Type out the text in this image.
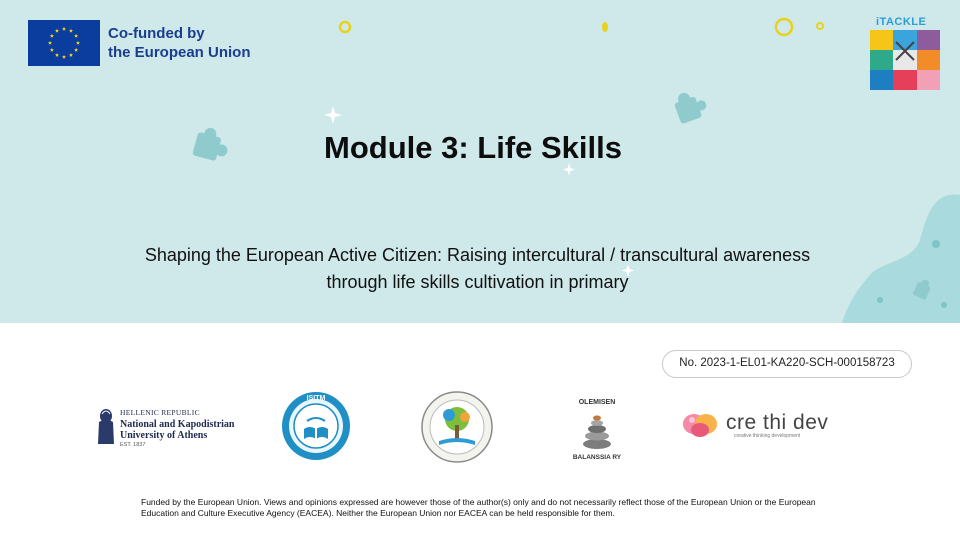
Co-funded by
the European Union
iTACKLE
Module 3: Life Skills

Shaping the European Active Citizen: Raising intercultural / transcultural awareness through life skills cultivation in primary

No. 2023-1-EL01-KA220-SCH-000158723
HELLENIC REPUBLIC
National and Kapodistrian
University of Athens
EST. 1837
ISITM
OLEMISEN
BALANSSIA RY
cre thi dev
creative thinking development

Funded by the European Union. Views and opinions expressed are however those of the author(s) only and do not necessarily reflect those of the European Union or the European Education and Culture Executive Agency (EACEA). Neither the European Union nor EACEA can be held responsible for them.
